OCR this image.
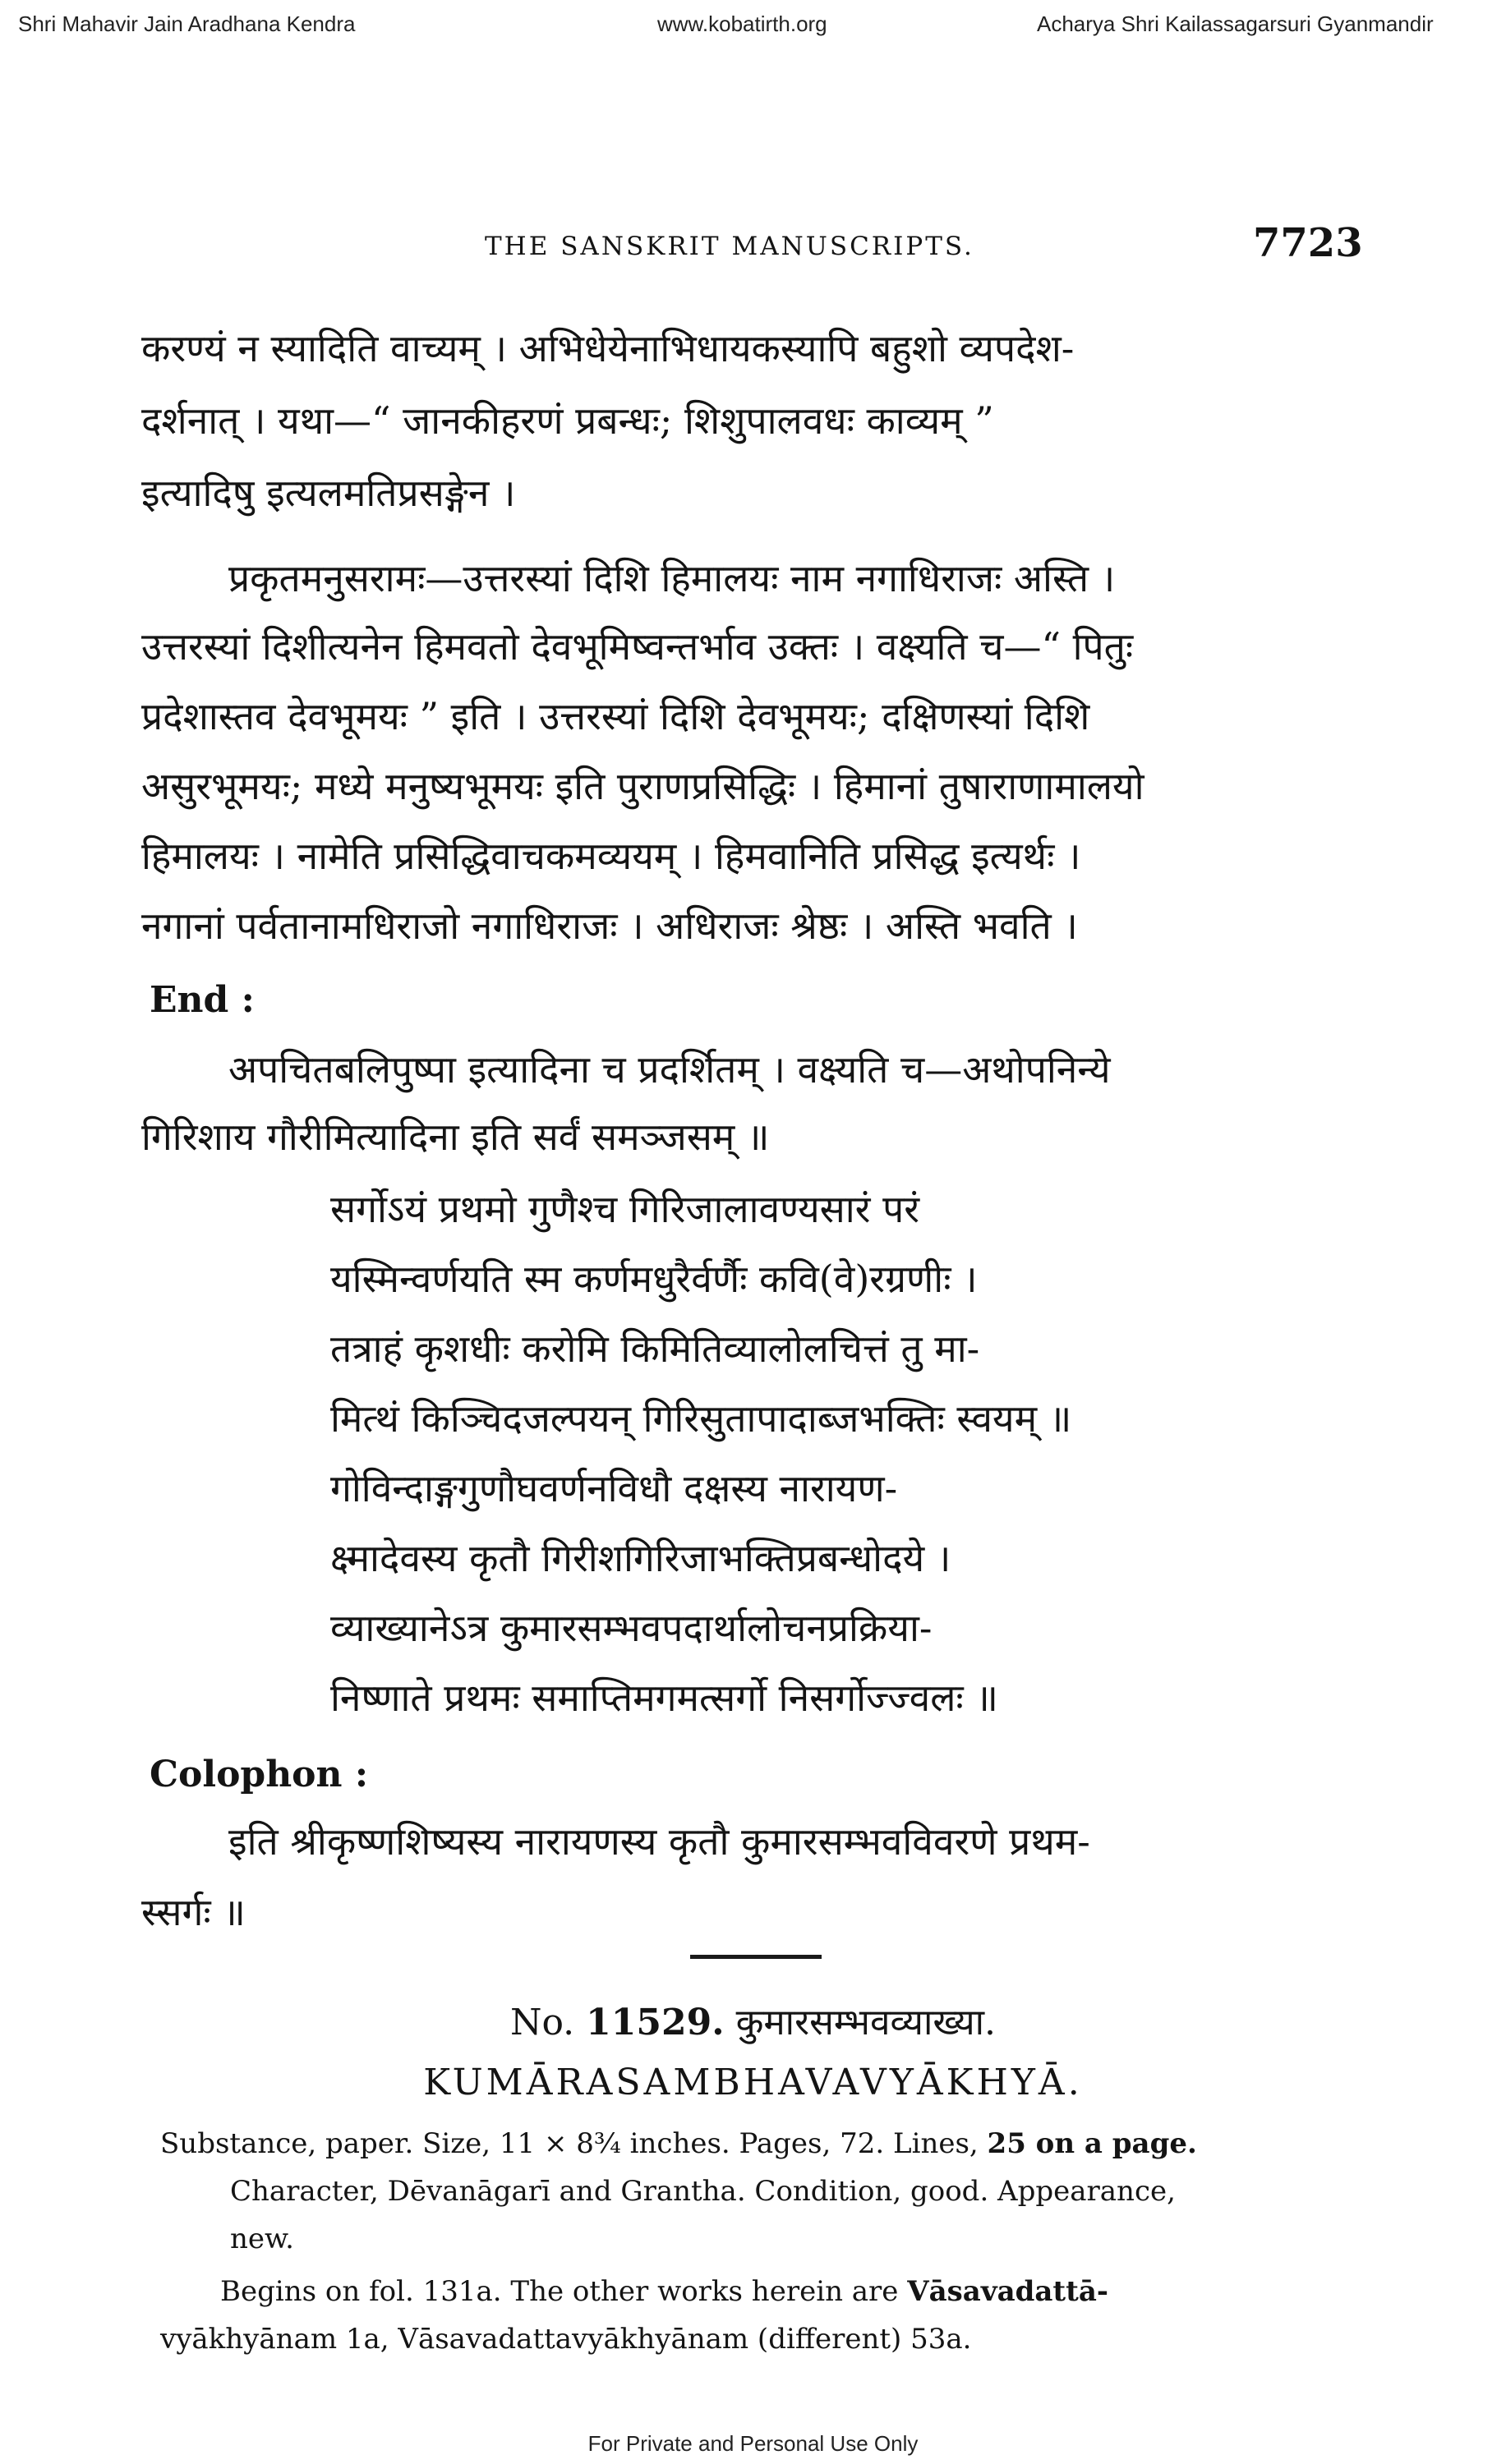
Shri Mahavir Jain Aradhana Kendra	www.kobatirth.org	Acharya Shri Kailassagarsuri Gyanmandir
THE SANSKRIT MANUSCRIPTS.	7723
करण्यं न स्यादिति वाच्यम् । अभिधेयेनाभिधायकस्यापि बहुशो व्यपदेश-
दर्शनात् । यथा—“ जानकीहरणं प्रबन्धः; शिशुपालवधः काव्यम् ”
इत्यादिषु इत्यलमतिप्रसङ्गेन ।
प्रकृतमनुसरामः—उत्तरस्यां दिशि हिमालयः नाम नगाधिराजः अस्ति ।
उत्तरस्यां दिशीत्यनेन हिमवतो देवभूमिष्वन्तर्भाव उक्तः । वक्ष्यति च—“ पितुः
प्रदेशास्तव देवभूमयः ” इति । उत्तरस्यां दिशि देवभूमयः; दक्षिणस्यां दिशि
असुरभूमयः; मध्ये मनुष्यभूमयः इति पुराणप्रसिद्धिः । हिमानां तुषाराणामालयो
हिमालयः । नामेति प्रसिद्धिवाचकमव्ययम् । हिमवानिति प्रसिद्ध इत्यर्थः ।
नगानां पर्वतानामधिराजो नगाधिराजः । अधिराजः श्रेष्ठः । अस्ति भवति ।
End :
अपचितबलिपुष्पा इत्यादिना च प्रदर्शितम् । वक्ष्यति च—अथोपनिन्ये
गिरिशाय गौरीमित्यादिना इति सर्वं समञ्जसम् ॥
सर्गोऽयं प्रथमो गुणैश्च गिरिजालावण्यसारं परं
यस्मिन्वर्णयति स्म कर्णमधुरैर्वर्णैः कवि(वे)रग्रणीः ।
तत्राहं कृशधीः करोमि किमितिव्यालोलचित्तं तु मा-
मित्थं किञ्चिदजल्पयन् गिरिसुतापादाब्जभक्तिः स्वयम् ॥
गोविन्दाङ्गगुणौघवर्णनविधौ दक्षस्य नारायण-
क्ष्मादेवस्य कृतौ गिरीशगिरिजाभक्तिप्रबन्धोदये ।
व्याख्यानेऽत्र कुमारसम्भवपदार्थालोचनप्रक्रिया-
निष्णाते प्रथमः समाप्तिमगमत्सर्गो निसर्गोज्ज्वलः ॥
Colophon :
इति श्रीकृष्णशिष्यस्य नारायणस्य कृतौ कुमारसम्भवविवरणे प्रथम-
स्सर्गः ॥
No. 11529. कुमारसम्भवव्याख्या.
KUMĀRASAMBHAVAVYĀKHYĀ.
Substance, paper. Size, 11 × 8¾ inches. Pages, 72. Lines, 25 on a page.
Character, Dēvanāgarī and Grantha. Condition, good. Appearance,
new.
Begins on fol. 131a. The other works herein are Vāsavadattā-
vyākhyānam 1a, Vāsavadattavyākhyānam (different) 53a.
For Private and Personal Use Only
